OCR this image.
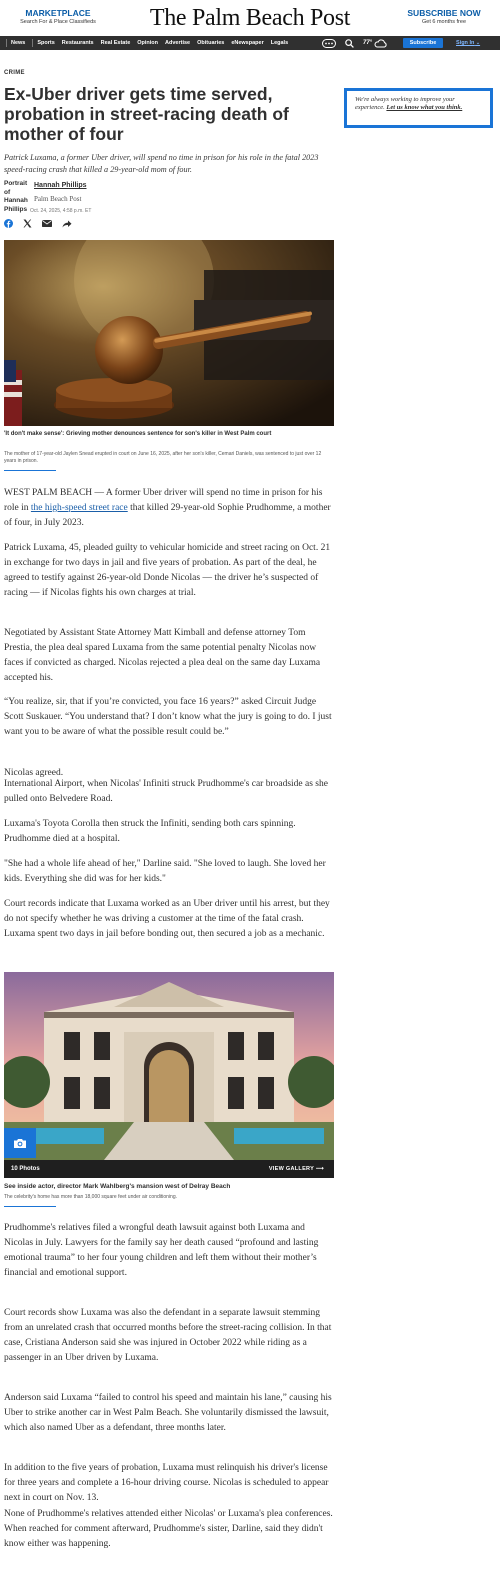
MARKETPLACE
Search For & Place Classifieds	The Palm Beach Post	SUBSCRIBE NOW
Get 6 months free
News Sports Restaurants Real Estate Opinion Advertise Obituaries eNewspaper Legals	77°	Subscribe	Sign In ⌄
CRIME
Ex-Uber driver gets time served, probation in street-racing death of mother of four

Patrick Luxama, a former Uber driver, will spend no time in prison for his role in the fatal 2023 speed-racing crash that killed a 29-year-old mom of four.

Portrait of Hannah Phillips
Hannah Phillips
Palm Beach Post
Oct. 24, 2025, 4:58 p.m. ET

We're always working to improve your experience. Let us know what you think.

'It don't make sense': Grieving mother denounces sentence for son's killer in West Palm court
The mother of 17-year-old Jaylen Snead erupted in court on June 16, 2025, after her son's killer, Cemari Daniels, was sentenced to just over 12 years in prison.

WEST PALM BEACH — A former Uber driver will spend no time in prison for his role in the high-speed street race that killed 29-year-old Sophie Prudhomme, a mother of four, in July 2023.

Patrick Luxama, 45, pleaded guilty to vehicular homicide and street racing on Oct. 21 in exchange for two days in jail and five years of probation. As part of the deal, he agreed to testify against 26-year-old Donde Nicolas — the driver he’s suspected of racing — if Nicolas fights his own charges at trial.

Negotiated by Assistant State Attorney Matt Kimball and defense attorney Tom Prestia, the plea deal spared Luxama from the same potential penalty Nicolas now faces if convicted as charged. Nicolas rejected a plea deal on the same day Luxama accepted his.

“You realize, sir, that if you’re convicted, you face 16 years?” asked Circuit Judge Scott Suskauer. “You understand that? I don’t know what the jury is going to do. I just want you to be aware of what the possible result could be.”

Nicolas agreed.

International Airport, when Nicolas' Infiniti struck Prudhomme's car broadside as she pulled onto Belvedere Road.

Luxama's Toyota Corolla then struck the Infiniti, sending both cars spinning. Prudhomme died at a hospital.

"She had a whole life ahead of her," Darline said. "She loved to laugh. She loved her kids. Everything she did was for her kids."

Court records indicate that Luxama worked as an Uber driver until his arrest, but they do not specify whether he was driving a customer at the time of the fatal crash. Luxama spent two days in jail before bonding out, then secured a job as a mechanic.

10 Photos	VIEW GALLERY ⟶
See inside actor, director Mark Wahlberg's mansion west of Delray Beach
The celebrity's home has more than 18,000 square feet under air conditioning.

Prudhomme's relatives filed a wrongful death lawsuit against both Luxama and Nicolas in July. Lawyers for the family say her death caused “profound and lasting emotional trauma” to her four young children and left them without their mother’s financial and emotional support.

Court records show Luxama was also the defendant in a separate lawsuit stemming from an unrelated crash that occurred months before the street-racing collision. In that case, Cristiana Anderson said she was injured in October 2022 while riding as a passenger in an Uber driven by Luxama.

Anderson said Luxama “failed to control his speed and maintain his lane,” causing his Uber to strike another car in West Palm Beach. She voluntarily dismissed the lawsuit, which also named Uber as a defendant, three months later.

In addition to the five years of probation, Luxama must relinquish his driver's license for three years and complete a 16-hour driving course. Nicolas is scheduled to appear next in court on Nov. 13.

None of Prudhomme's relatives attended either Nicolas' or Luxama's plea conferences. When reached for comment afterward, Prudhomme's sister, Darline, said they didn't know either was happening.
